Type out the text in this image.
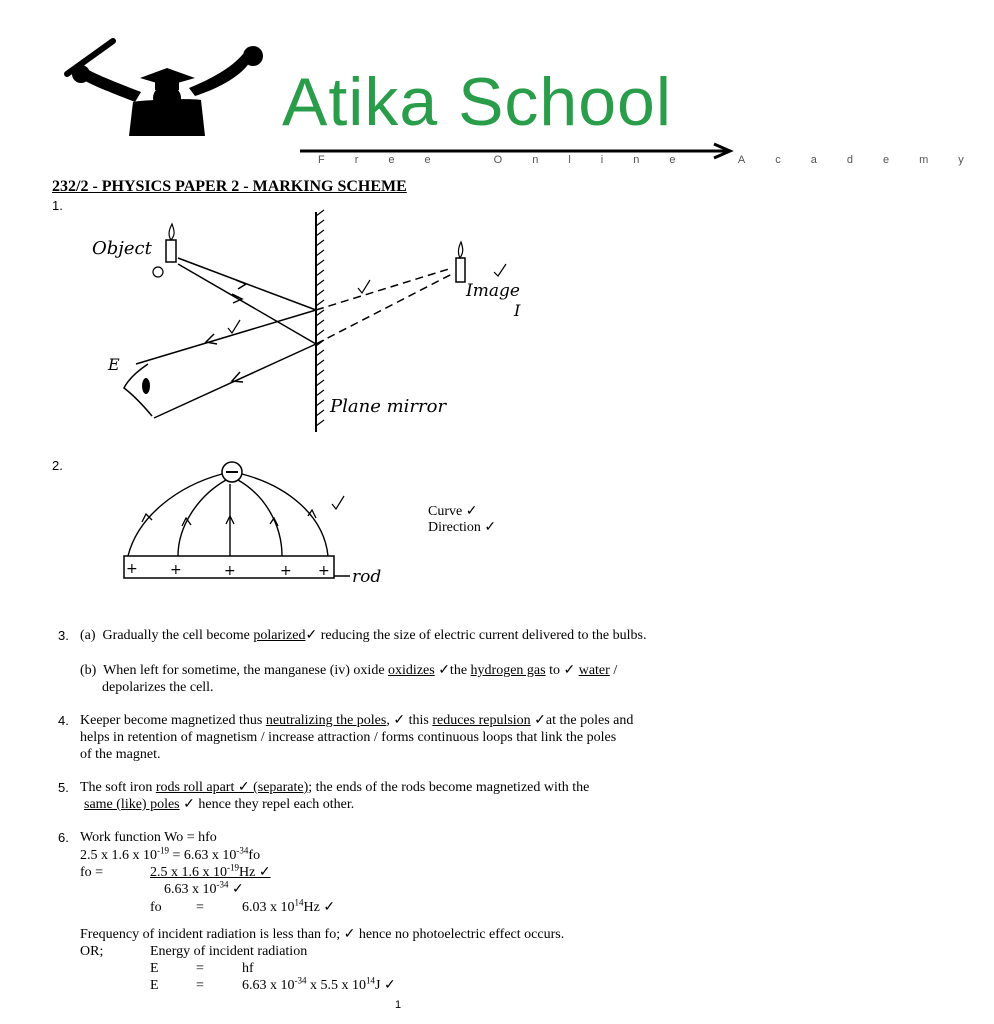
Atika School
Free Online Academy
232/2 - PHYSICS PAPER 2 - MARKING SCHEME
1.
Object
E
Image
I
Plane mirror
2.
+ +	+	+ + rod
Curve ✓
Direction ✓
3. (a) Gradually the cell become polarized✓ reducing the size of electric current delivered to the bulbs.
(b) When left for sometime, the manganese (iv) oxide oxidizes ✓the hydrogen gas to ✓ water /
depolarizes the cell.
4. Keeper become magnetized thus neutralizing the poles, ✓ this reduces repulsion ✓at the poles and
helps in retention of magnetism / increase attraction / forms continuous loops that link the poles
of the magnet.
5. The soft iron rods roll apart ✓ (separate); the ends of the rods become magnetized with the
same (like) poles ✓ hence they repel each other.
6. Work function Wo = hfo
2.5 x 1.6 x $10^{-19} = 6.63$ x $10^{-34}fo$
fo =	2.5 x 1.6 x $10^{-19}Hz$ ✓
6.63 x $10^{-34}$ ✓
fo =	6.03 x $10^{14}Hz$ ✓
Frequency of incident radiation is less than fo; ✓ hence no photoelectric effect occurs.
OR;	Energy of incident radiation
E	=	hf
E	=	6.63 x $10^{-34}$ x 5.5 x $10^{14}J$ ✓
1
